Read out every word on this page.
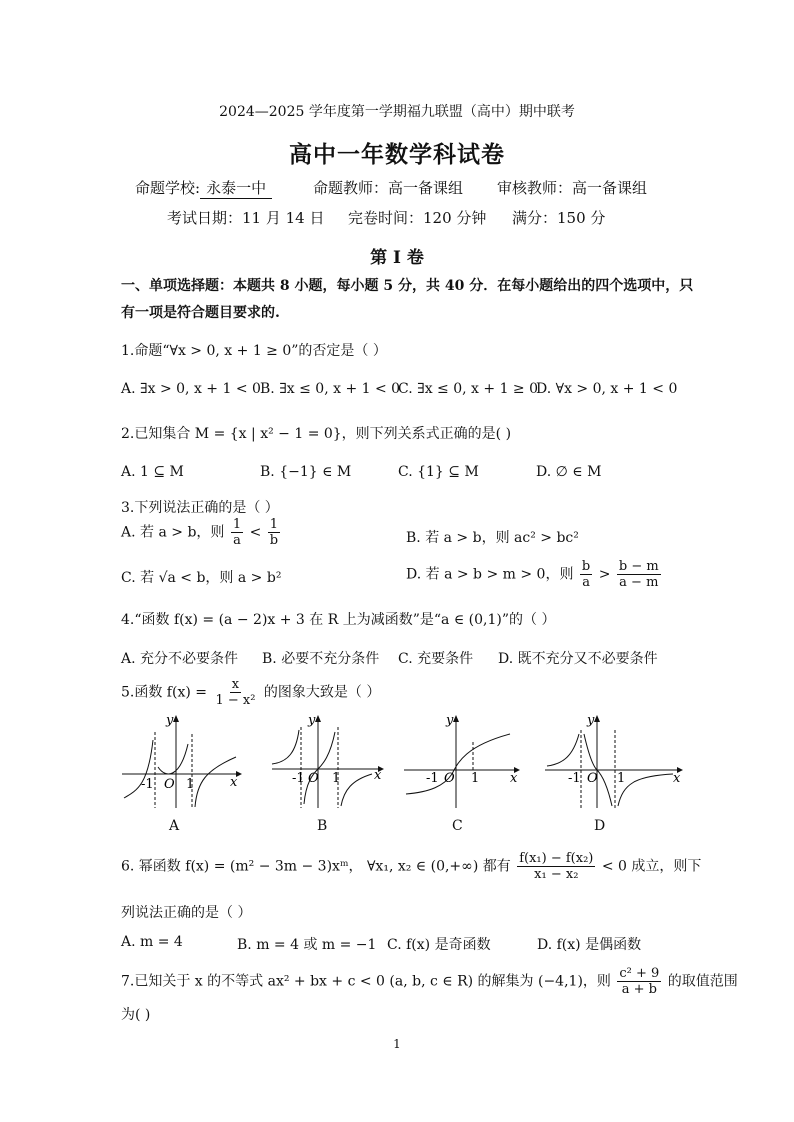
2024—2025 学年度第一学期福九联盟（高中）期中联考
高中一年数学科试卷
命题学校: 永泰一中	命题教师：高一备课组 审核教师：高一备课组
考试日期：11 月 14 日 完卷时间：120 分钟 满分：150 分
第 Ⅰ 卷
一、单项选择题：本题共 8 小题，每小题 5 分，共 40 分．在每小题给出的四个选项中，只
有一项是符合题目要求的.
1.命题“∀x > 0, x + 1 ≥ 0”的否定是（ ）
A. ∃x > 0, x + 1 < 0 B. ∃x ≤ 0, x + 1 < 0
C. ∃x ≤ 0, x + 1 ≥ 0
D. ∀x > 0, x + 1 < 0
2.已知集合 M = {x | x² − 1 = 0}，则下列关系式正确的是( )
A. 1 ⊆ M	B. {−1} ∈ M	C. {1} ⊆ M	D. ∅ ∈ M
3.下列说法正确的是（ ）
A. 若 a > b，则 $\frac{1}{a} < \frac{1}{b}$	B. 若 a > b，则 ac² > bc²
C. 若 √a < b，则 a > b²	D. 若 a > b > m > 0，则 $\frac{b}{a} > \frac{b - m}{a - m}$
4.“函数 f(x) = (a − 2)x + 3 在 R 上为减函数”是“a ∈ (0,1)”的（ ）
A. 充分不必要条件 B. 必要不充分条件 C. 充要条件 D. 既不充分又不必要条件
5.函数 $f(x) = \frac{x}{\text{1 − x²}}$ 的图象大致是（ ）
x
y
-1 O 1
A
x
y
-1 O 1
B
x
y
-1 O 1
C
x
y
-1 O 1
D
6. 幂函数 f(x) = (m² − 3m − 3)xᵐ， ∀x₁, x₂ ∈ (0,+∞) 都有 $\frac{\text{f(x₁) − f(x₂)}}{\text{x₁ − x₂}} < 0$ 成立，则下
列说法正确的是（ ）
A. m = 4	B. m = 4 或 m = −1 C. f(x) 是奇函数	D. f(x) 是偶函数
7.已知关于 x 的不等式 ax² + bx + c < 0 (a, b, c ∈ R) 的解集为 (−4,1)，则 $\frac{\text{c² + 9}}{a + b}$ 的取值范围
为( )
1
